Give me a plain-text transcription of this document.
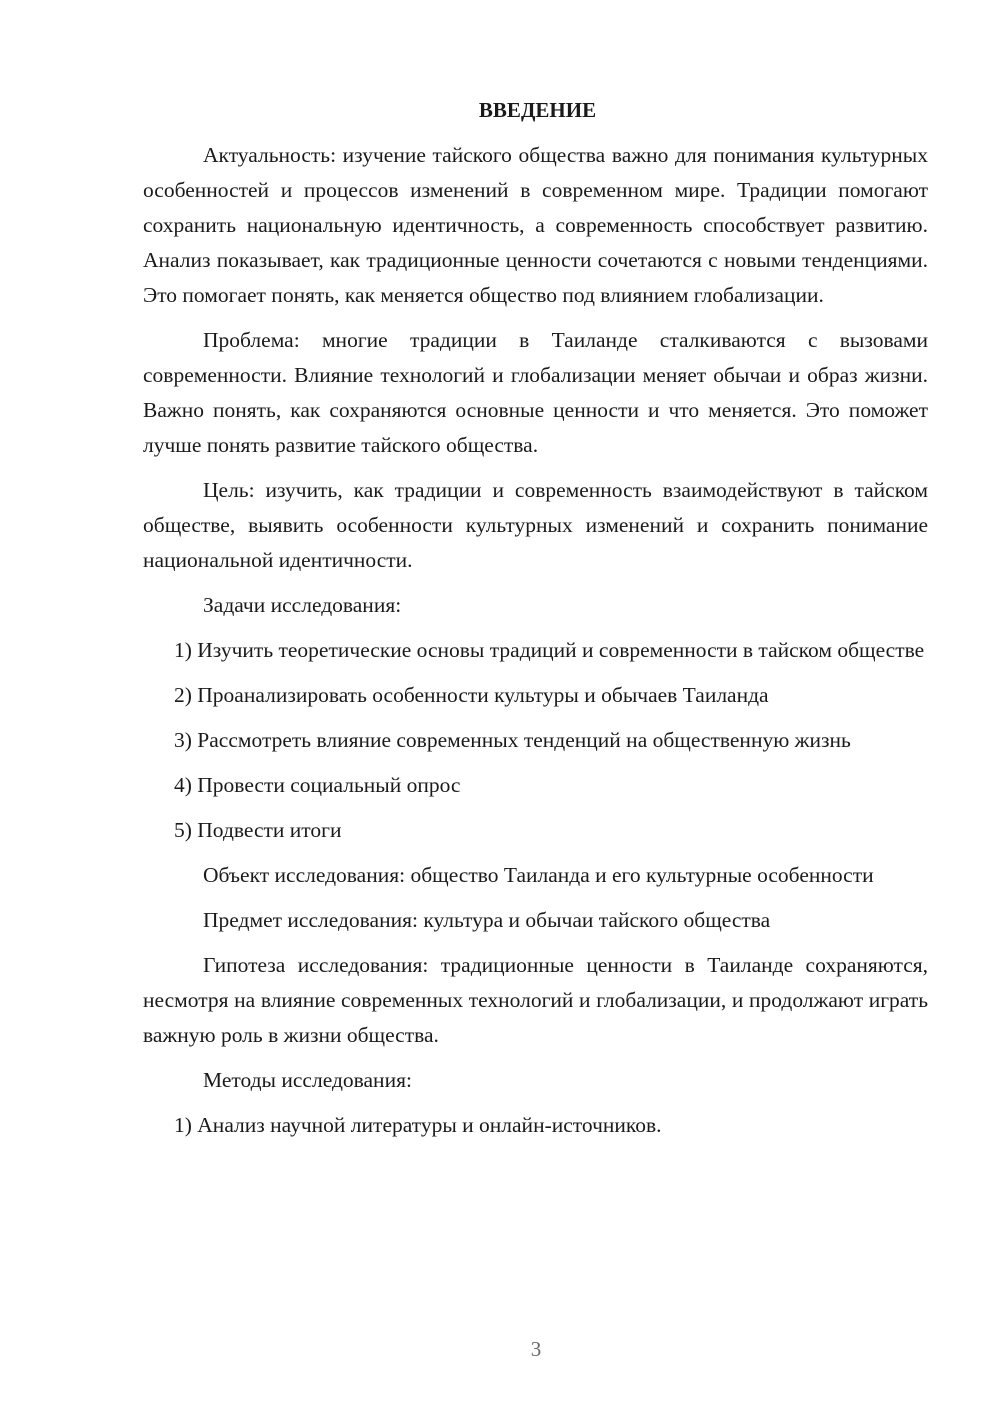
ВВЕДЕНИЕ

Актуальность: изучение тайского общества важно для понимания культурных особенностей и процессов изменений в современном мире. Традиции помогают сохранить национальную идентичность, а современность способствует развитию. Анализ показывает, как традиционные ценности сочетаются с новыми тенденциями. Это помогает понять, как меняется общество под влиянием глобализации.

Проблема: многие традиции в Таиланде сталкиваются с вызовами современности. Влияние технологий и глобализации меняет обычаи и образ жизни. Важно понять, как сохраняются основные ценности и что меняется. Это поможет лучше понять развитие тайского общества.

Цель: изучить, как традиции и современность взаимодействуют в тайском обществе, выявить особенности культурных изменений и сохранить понимание национальной идентичности.

Задачи исследования:

1) Изучить теоретические основы традиций и современности в тайском обществе

2) Проанализировать особенности культуры и обычаев Таиланда

3) Рассмотреть влияние современных тенденций на общественную жизнь

4) Провести социальный опрос

5) Подвести итоги

Объект исследования: общество Таиланда и его культурные особенности

Предмет исследования: культура и обычаи тайского общества

Гипотеза исследования: традиционные ценности в Таиланде сохраняются, несмотря на влияние современных технологий и глобализации, и продолжают играть важную роль в жизни общества.

Методы исследования:

1) Анализ научной литературы и онлайн-источников.

3
